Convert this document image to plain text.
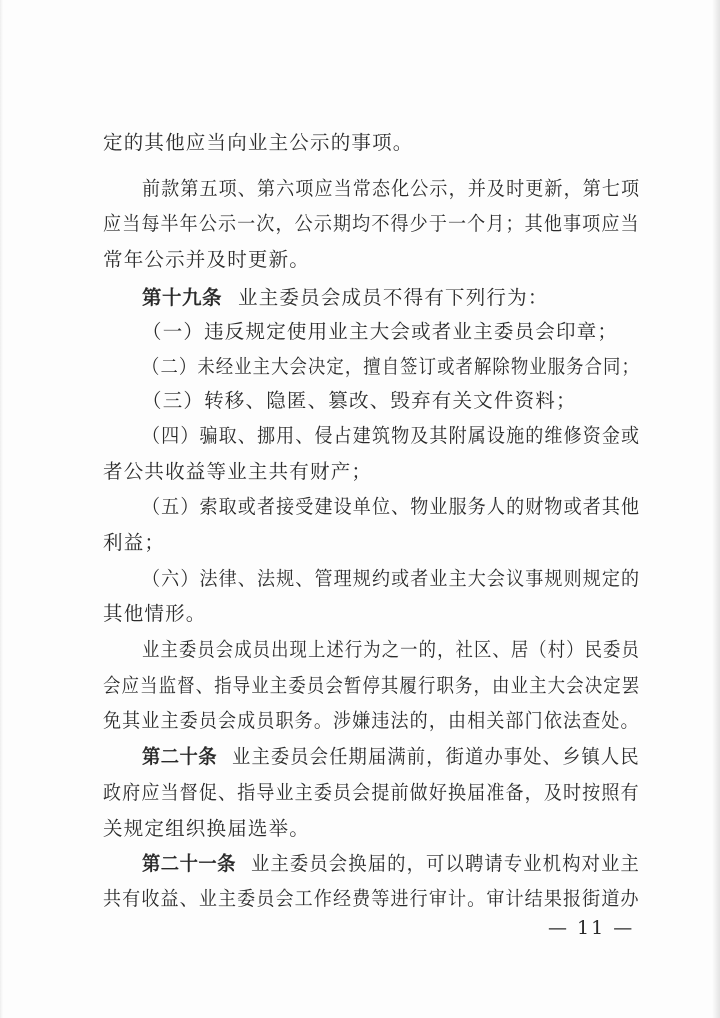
定的其他应当向业主公示的事项。
前款第五项、第六项应当常态化公示，并及时更新，第七项
应当每半年公示一次，公示期均不得少于一个月；其他事项应当
常年公示并及时更新。
第十九条 业主委员会成员不得有下列行为：
（一）违反规定使用业主大会或者业主委员会印章；
（二）未经业主大会决定，擅自签订或者解除物业服务合同；
（三）转移、隐匿、篡改、毁弃有关文件资料；
（四）骗取、挪用、侵占建筑物及其附属设施的维修资金或
者公共收益等业主共有财产；
（五）索取或者接受建设单位、物业服务人的财物或者其他
利益；
（六）法律、法规、管理规约或者业主大会议事规则规定的
其他情形。
业主委员会成员出现上述行为之一的，社区、居（村）民委员
会应当监督、指导业主委员会暂停其履行职务，由业主大会决定罢
免其业主委员会成员职务。涉嫌违法的，由相关部门依法查处。
第二十条 业主委员会任期届满前，街道办事处、乡镇人民
政府应当督促、指导业主委员会提前做好换届准备，及时按照有
关规定组织换届选举。
第二十一条 业主委员会换届的，可以聘请专业机构对业主
共有收益、业主委员会工作经费等进行审计。审计结果报街道办
— 11 —
